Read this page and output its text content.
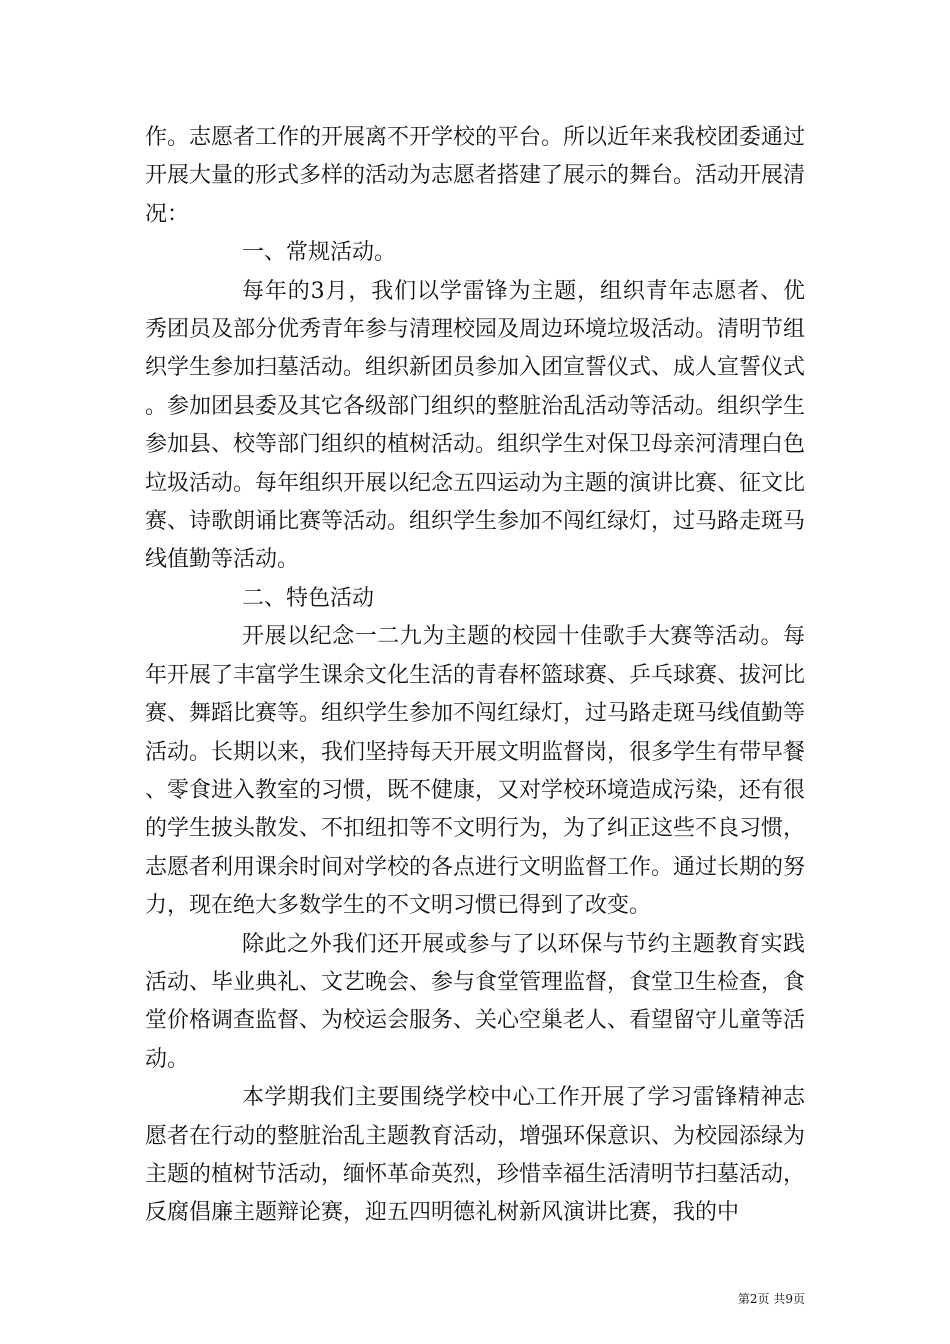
作。志愿者工作的开展离不开学校的平台。所以近年来我校团委通过开展大量的形式多样的活动为志愿者搭建了展示的舞台。活动开展清况：

一、常规活动。

每年的3月，我们以学雷锋为主题，组织青年志愿者、优秀团员及部分优秀青年参与清理校园及周边环境垃圾活动。清明节组织学生参加扫墓活动。组织新团员参加入团宣誓仪式、成人宣誓仪式。参加团县委及其它各级部门组织的整脏治乱活动等活动。组织学生参加县、校等部门组织的植树活动。组织学生对保卫母亲河清理白色垃圾活动。每年组织开展以纪念五四运动为主题的演讲比赛、征文比赛、诗歌朗诵比赛等活动。组织学生参加不闯红绿灯，过马路走斑马线值勤等活动。

二、特色活动

开展以纪念一二九为主题的校园十佳歌手大赛等活动。每年开展了丰富学生课余文化生活的青春杯篮球赛、乒乓球赛、拔河比赛、舞蹈比赛等。组织学生参加不闯红绿灯，过马路走斑马线值勤等活动。长期以来，我们坚持每天开展文明监督岗，很多学生有带早餐、零食进入教室的习惯，既不健康，又对学校环境造成污染，还有很的学生披头散发、不扣纽扣等不文明行为，为了纠正这些不良习惯，志愿者利用课余时间对学校的各点进行文明监督工作。通过长期的努力，现在绝大多数学生的不文明习惯已得到了改变。

除此之外我们还开展或参与了以环保与节约主题教育实践活动、毕业典礼、文艺晚会、参与食堂管理监督，食堂卫生检查，食堂价格调查监督、为校运会服务、关心空巢老人、看望留守儿童等活动。

本学期我们主要围绕学校中心工作开展了学习雷锋精神志愿者在行动的整脏治乱主题教育活动，增强环保意识、为校园添绿为主题的植树节活动，缅怀革命英烈，珍惜幸福生活清明节扫墓活动，反腐倡廉主题辩论赛，迎五四明德礼树新风演讲比赛，我的中

第2页 共9页
